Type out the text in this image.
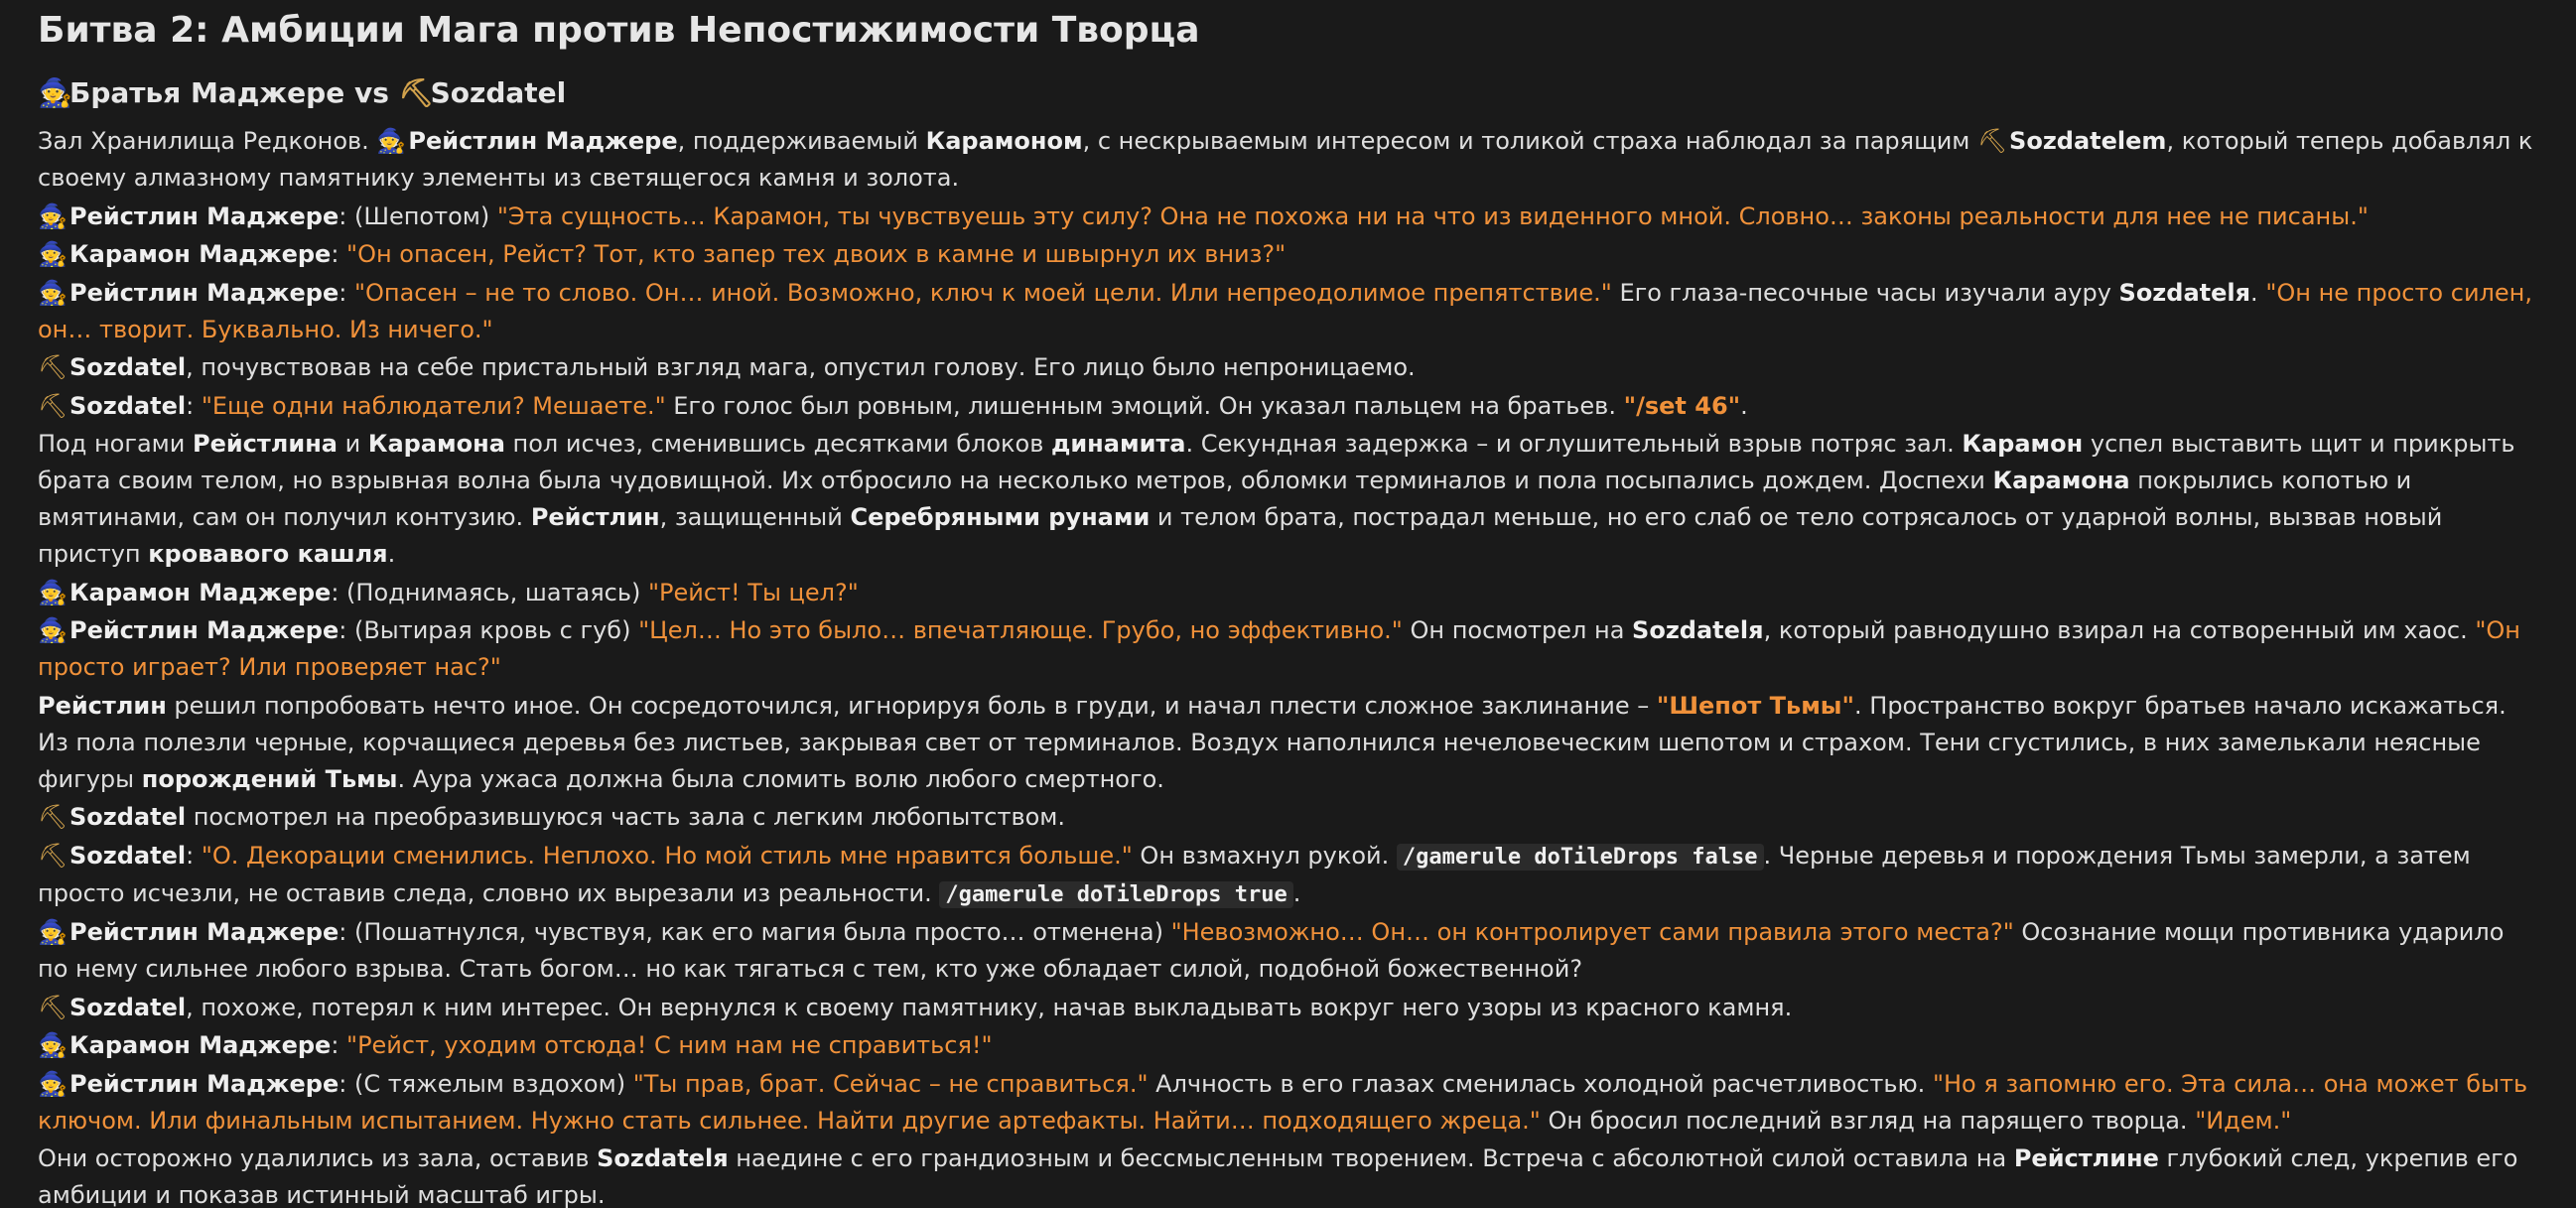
Битва 2: Амбиции Мага против Непостижимости Творца
🧙Братья Маджере vs ⛏Sozdatel

Зал Хранилища Редконов. 🧙Рейстлин Маджере, поддерживаемый Карамоном, с нескрываемым интересом и толикой страха наблюдал за парящим ⛏Sozdatelem, который теперь добавлял к своему алмазному памятнику элементы из светящегося камня и золота.

🧙Рейстлин Маджере: (Шепотом) "Эта сущность… Карамон, ты чувствуешь эту силу? Она не похожа ни на что из виденного мной. Словно… законы реальности для нее не писаны."

🧙Карамон Маджере: "Он опасен, Рейст? Тот, кто запер тех двоих в камне и швырнул их вниз?"

🧙Рейстлин Маджере: "Опасен – не то слово. Он… иной. Возможно, ключ к моей цели. Или непреодолимое препятствие." Его глаза-песочные часы изучали ауру Sozdatelя. "Он не просто силен, он… творит. Буквально. Из ничего."

⛏Sozdatel, почувствовав на себе пристальный взгляд мага, опустил голову. Его лицо было непроницаемо.

⛏Sozdatel: "Еще одни наблюдатели? Мешаете." Его голос был ровным, лишенным эмоций. Он указал пальцем на братьев. "/set 46".

Под ногами Рейстлина и Карамона пол исчез, сменившись десятками блоков динамита. Секундная задержка – и оглушительный взрыв потряс зал. Карамон успел выставить щит и прикрыть брата своим телом, но взрывная волна была чудовищной. Их отбросило на несколько метров, обломки терминалов и пола посыпались дождем. Доспехи Карамона покрылись копотью и вмятинами, сам он получил контузию. Рейстлин, защищенный Серебряными рунами и телом брата, пострадал меньше, но его слаб ое тело сотрясалось от ударной волны, вызвав новый приступ кровавого кашля.

🧙Карамон Маджере: (Поднимаясь, шатаясь) "Рейст! Ты цел?"

🧙Рейстлин Маджере: (Вытирая кровь с губ) "Цел… Но это было… впечатляюще. Грубо, но эффективно." Он посмотрел на Sozdatelя, который равнодушно взирал на сотворенный им хаос. "Он просто играет? Или проверяет нас?"

Рейстлин решил попробовать нечто иное. Он сосредоточился, игнорируя боль в груди, и начал плести сложное заклинание – "Шепот Тьмы". Пространство вокруг братьев начало искажаться. Из пола полезли черные, корчащиеся деревья без листьев, закрывая свет от терминалов. Воздух наполнился нечеловеческим шепотом и страхом. Тени сгустились, в них замелькали неясные фигуры порождений Тьмы. Аура ужаса должна была сломить волю любого смертного.

⛏Sozdatel посмотрел на преобразившуюся часть зала с легким любопытством.

⛏Sozdatel: "О. Декорации сменились. Неплохо. Но мой стиль мне нравится больше." Он взмахнул рукой. /gamerule doTileDrops false . Черные деревья и порождения Тьмы замерли, а затем просто исчезли, не оставив следа, словно их вырезали из реальности. /gamerule doTileDrops true .

🧙Рейстлин Маджере: (Пошатнулся, чувствуя, как его магия была просто… отменена) "Невозможно… Он… он контролирует сами правила этого места?" Осознание мощи противника ударило по нему сильнее любого взрыва. Стать богом… но как тягаться с тем, кто уже обладает силой, подобной божественной?

⛏Sozdatel, похоже, потерял к ним интерес. Он вернулся к своему памятнику, начав выкладывать вокруг него узоры из красного камня.

🧙Карамон Маджере: "Рейст, уходим отсюда! С ним нам не справиться!"

🧙Рейстлин Маджере: (С тяжелым вздохом) "Ты прав, брат. Сейчас – не справиться." Алчность в его глазах сменилась холодной расчетливостью. "Но я запомню его. Эта сила… она может быть ключом. Или финальным испытанием. Нужно стать сильнее. Найти другие артефакты. Найти… подходящего жреца." Он бросил последний взгляд на парящего творца. "Идем."

Они осторожно удалились из зала, оставив Sozdatelя наедине с его грандиозным и бессмысленным творением. Встреча с абсолютной силой оставила на Рейстлине глубокий след, укрепив его амбиции и показав истинный масштаб игры.
